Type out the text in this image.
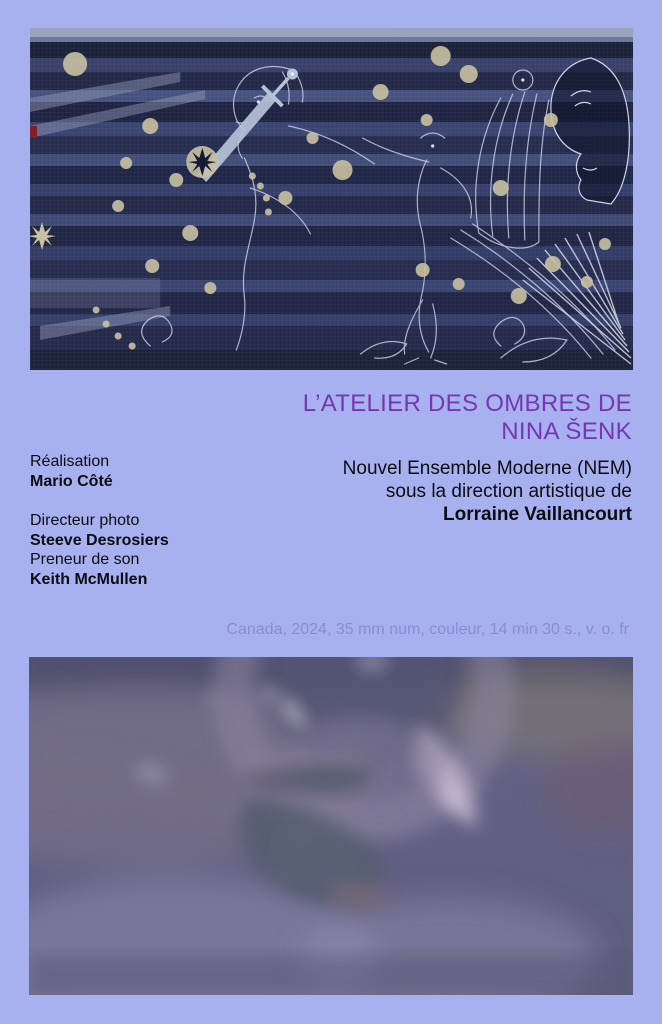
L’ATELIER DES OMBRES DE
NINA ŠENK
Réalisation
Mario Côté
Directeur photo
Steeve Desrosiers
Preneur de son
Keith McMullen
Nouvel Ensemble Moderne (NEM)
sous la direction artistique de
Lorraine Vaillancourt
Canada, 2024, 35 mm num, couleur, 14 min 30 s., v. o. fr
